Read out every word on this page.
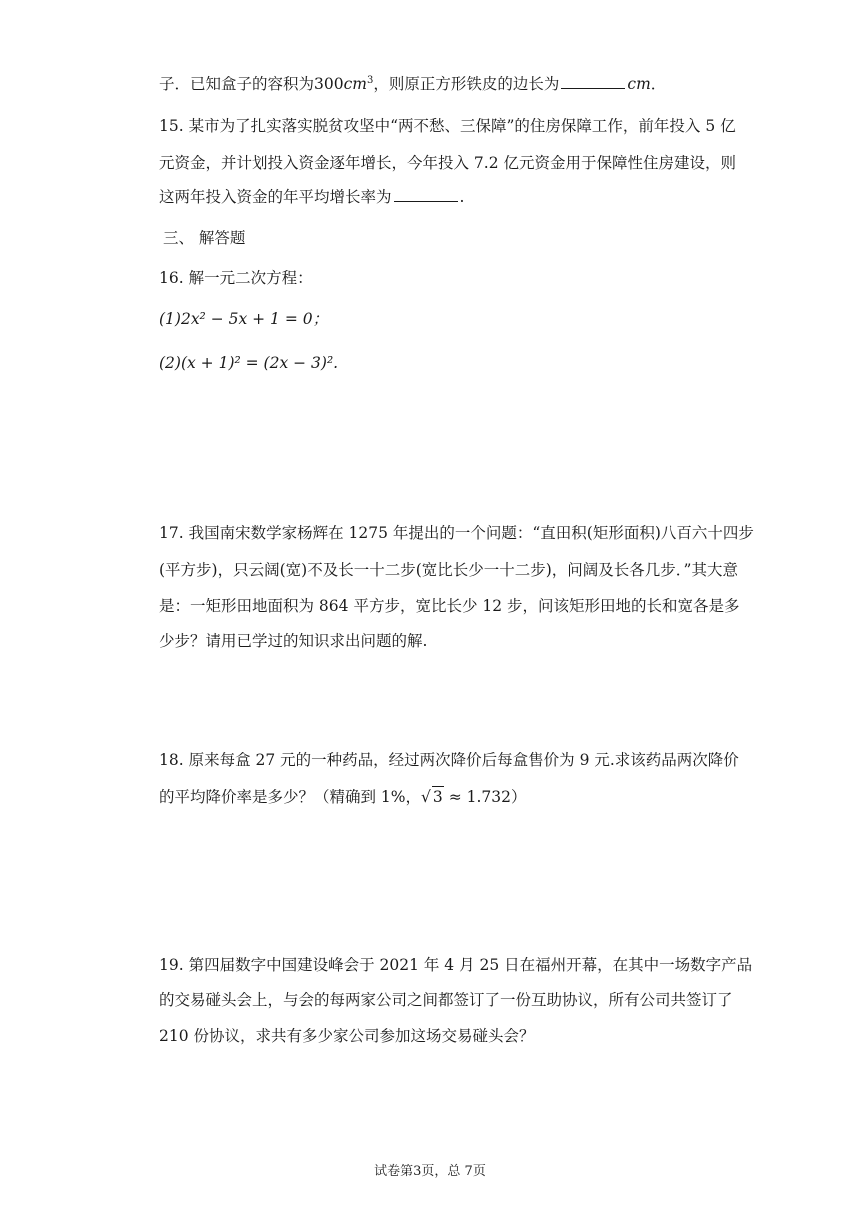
子．已知盒子的容积为$300cm^3$，则原正方形铁皮的边长为	cm．
15. 某市为了扎实落实脱贫攻坚中“两不愁、三保障”的住房保障工作，前年投入 5 亿
元资金，并计划投入资金逐年增长，今年投入 7.2 亿元资金用于保障性住房建设，则
这两年投入资金的年平均增长率为	.
三、 解答题
16. 解一元二次方程：
(1)2x² − 5x + 1 = 0；
(2)(x + 1)² = (2x − 3)².
17. 我国南宋数学家杨辉在 1275 年提出的一个问题：“直田积(矩形面积)八百六十四步
(平方步)，只云阔(宽)不及长一十二步(宽比长少一十二步)，问阔及长各几步．”其大意
是：一矩形田地面积为 864 平方步，宽比长少 12 步，问该矩形田地的长和宽各是多
少步？请用已学过的知识求出问题的解.
18. 原来每盒 27 元的一种药品，经过两次降价后每盒售价为 9 元.求该药品两次降价
的平均降价率是多少？（精确到 1%，√ 3 ≈ 1.732）
19. 第四届数字中国建设峰会于 2021 年 4 月 25 日在福州开幕，在其中一场数字产品
的交易碰头会上，与会的每两家公司之间都签订了一份互助协议，所有公司共签订了
210 份协议，求共有多少家公司参加这场交易碰头会？
试卷第3页，总 7页
